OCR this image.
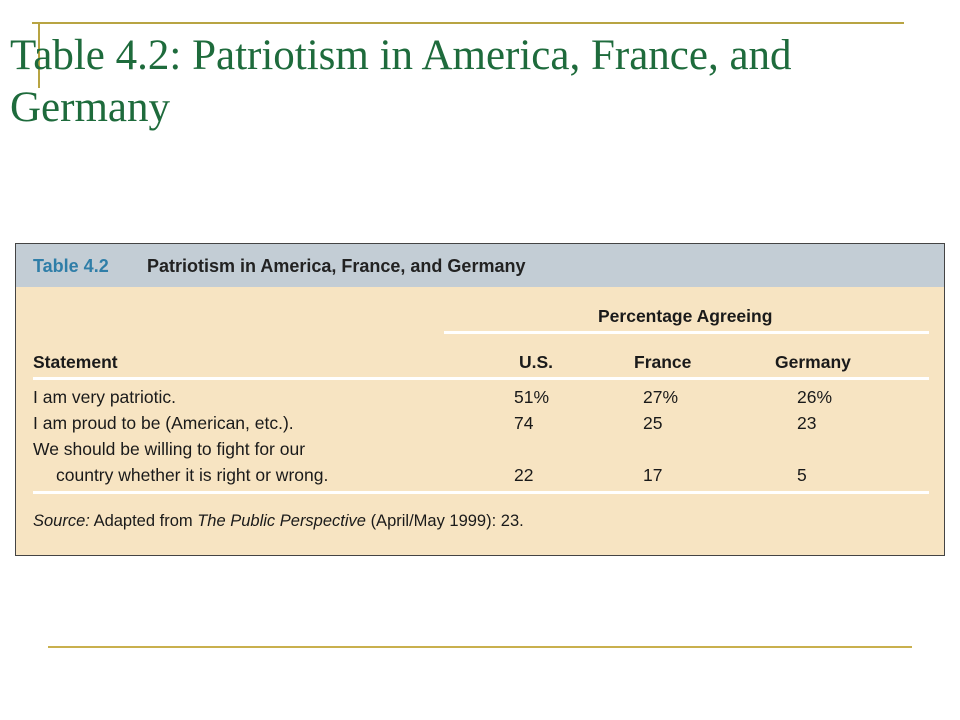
Table 4.2: Patriotism in America, France, and Germany
Table 4.2 Patriotism in America, France, and Germany
Percentage Agreeing
Statement	U.S.	France	Germany
I am very patriotic.	51%	27%	26%
I am proud to be (American, etc.).	74	25	23
We should be willing to fight for our
country whether it is right or wrong.	22	17	5
Source: Adapted from The Public Perspective (April/May 1999): 23.
